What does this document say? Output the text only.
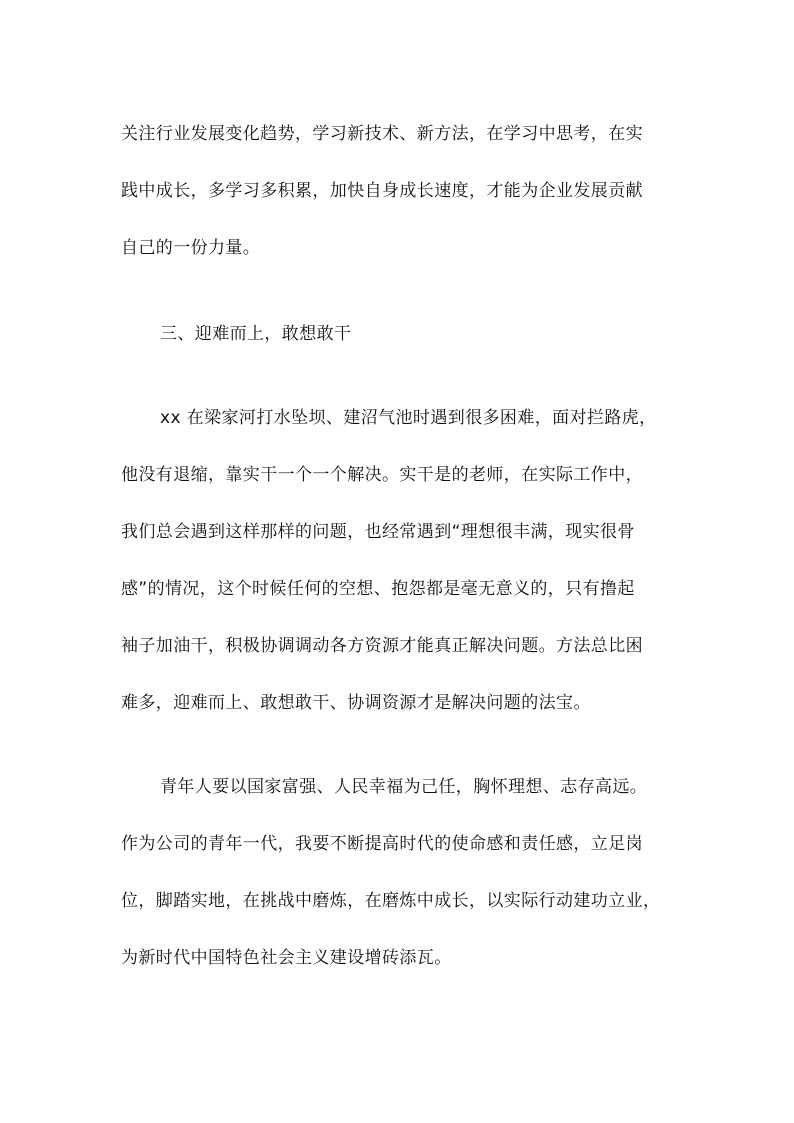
关注行业发展变化趋势，学习新技术、新方法，在学习中思考，在实
践中成长，多学习多积累，加快自身成长速度，才能为企业发展贡献
自己的一份力量。
三、迎难而上，敢想敢干
xx 在梁家河打水坠坝、建沼气池时遇到很多困难，面对拦路虎，
他没有退缩，靠实干一个一个解决。实干是的老师，在实际工作中，
我们总会遇到这样那样的问题，也经常遇到“理想很丰满，现实很骨
感”的情况，这个时候任何的空想、抱怨都是毫无意义的，只有撸起
袖子加油干，积极协调调动各方资源才能真正解决问题。方法总比困
难多，迎难而上、敢想敢干、协调资源才是解决问题的法宝。
青年人要以国家富强、人民幸福为己任，胸怀理想、志存高远。
作为公司的青年一代，我要不断提高时代的使命感和责任感，立足岗
位，脚踏实地，在挑战中磨炼，在磨炼中成长，以实际行动建功立业，
为新时代中国特色社会主义建设增砖添瓦。
